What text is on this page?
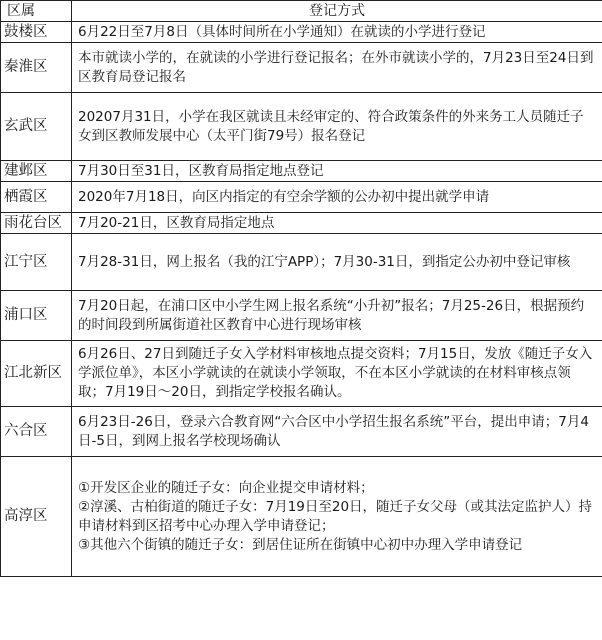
区属	登记方式
鼓楼区	6月22日至7月8日（具体时间所在小学通知）在就读的小学进行登记

秦淮区	本市就读小学的，在就读的小学进行登记报名；在外市就读小学的，7月23日至24日到区教育局登记报名

玄武区	20207月31日，小学在我区就读且未经审定的、符合政策条件的外来务工人员随迁子女到区教师发展中心（太平门街79号）报名登记

建邺区	7月30日至31日，区教育局指定地点登记

栖霞区	2020年7月18日，向区内指定的有空余学额的公办初中提出就学申请

雨花台区	7月20-21日，区教育局指定地点

江宁区	7月28-31日，网上报名（我的江宁APP）；7月30-31日，到指定公办初中登记审核

浦口区	7月20日起，在浦口区中小学生网上报名系统“小升初”报名；7月25-26日，根据预约的时间段到所属街道社区教育中心进行现场审核

江北新区	6月26日、27日到随迁子女入学材料审核地点提交资料；7月15日，发放《随迁子女入学派位单》，本区小学就读的在就读小学领取，不在本区小学就读的在材料审核点领取；7月19日～20日，到指定学校报名确认。

六合区	6月23日-26日，登录六合教育网“六合区中小学招生报名系统”平台，提出申请；7月4日-5日，到网上报名学校现场确认

高淳区	①开发区企业的随迁子女：向企业提交申请材料；
②淳溪、古柏街道的随迁子女：7月19日至20日，随迁子女父母（或其法定监护人）持申请材料到区招考中心办理入学申请登记；
③其他六个街镇的随迁子女：到居住证所在街镇中心初中办理入学申请登记
